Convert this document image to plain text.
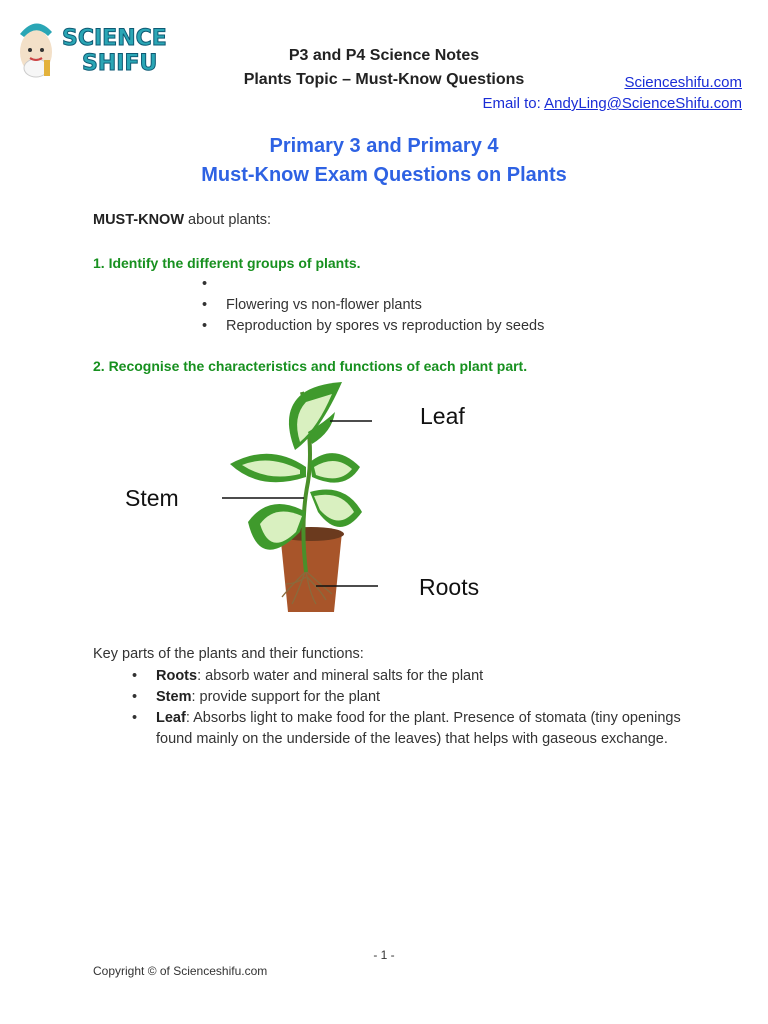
SCIENCE
SHIFU	P3 and P4 Science Notes
Plants Topic – Must-Know Questions	Scienceshifu.com
Email to: AndyLing@ScienceShifu.com
Primary 3 and Primary 4
Must-Know Exam Questions on Plants
MUST-KNOW about plants:
1. Identify the different groups of plants.
•
• Flowering vs non-flower plants
• Reproduction by spores vs reproduction by seeds
2. Recognise the characteristics and functions of each plant part.
Leaf
Stem
Roots
Key parts of the plants and their functions:
• Roots: absorb water and mineral salts for the plant
• Stem: provide support for the plant
• Leaf: Absorbs light to make food for the plant. Presence of stomata (tiny openings found mainly on the underside of the leaves) that helps with gaseous exchange.
- 1 -
Copyright © of Scienceshifu.com
